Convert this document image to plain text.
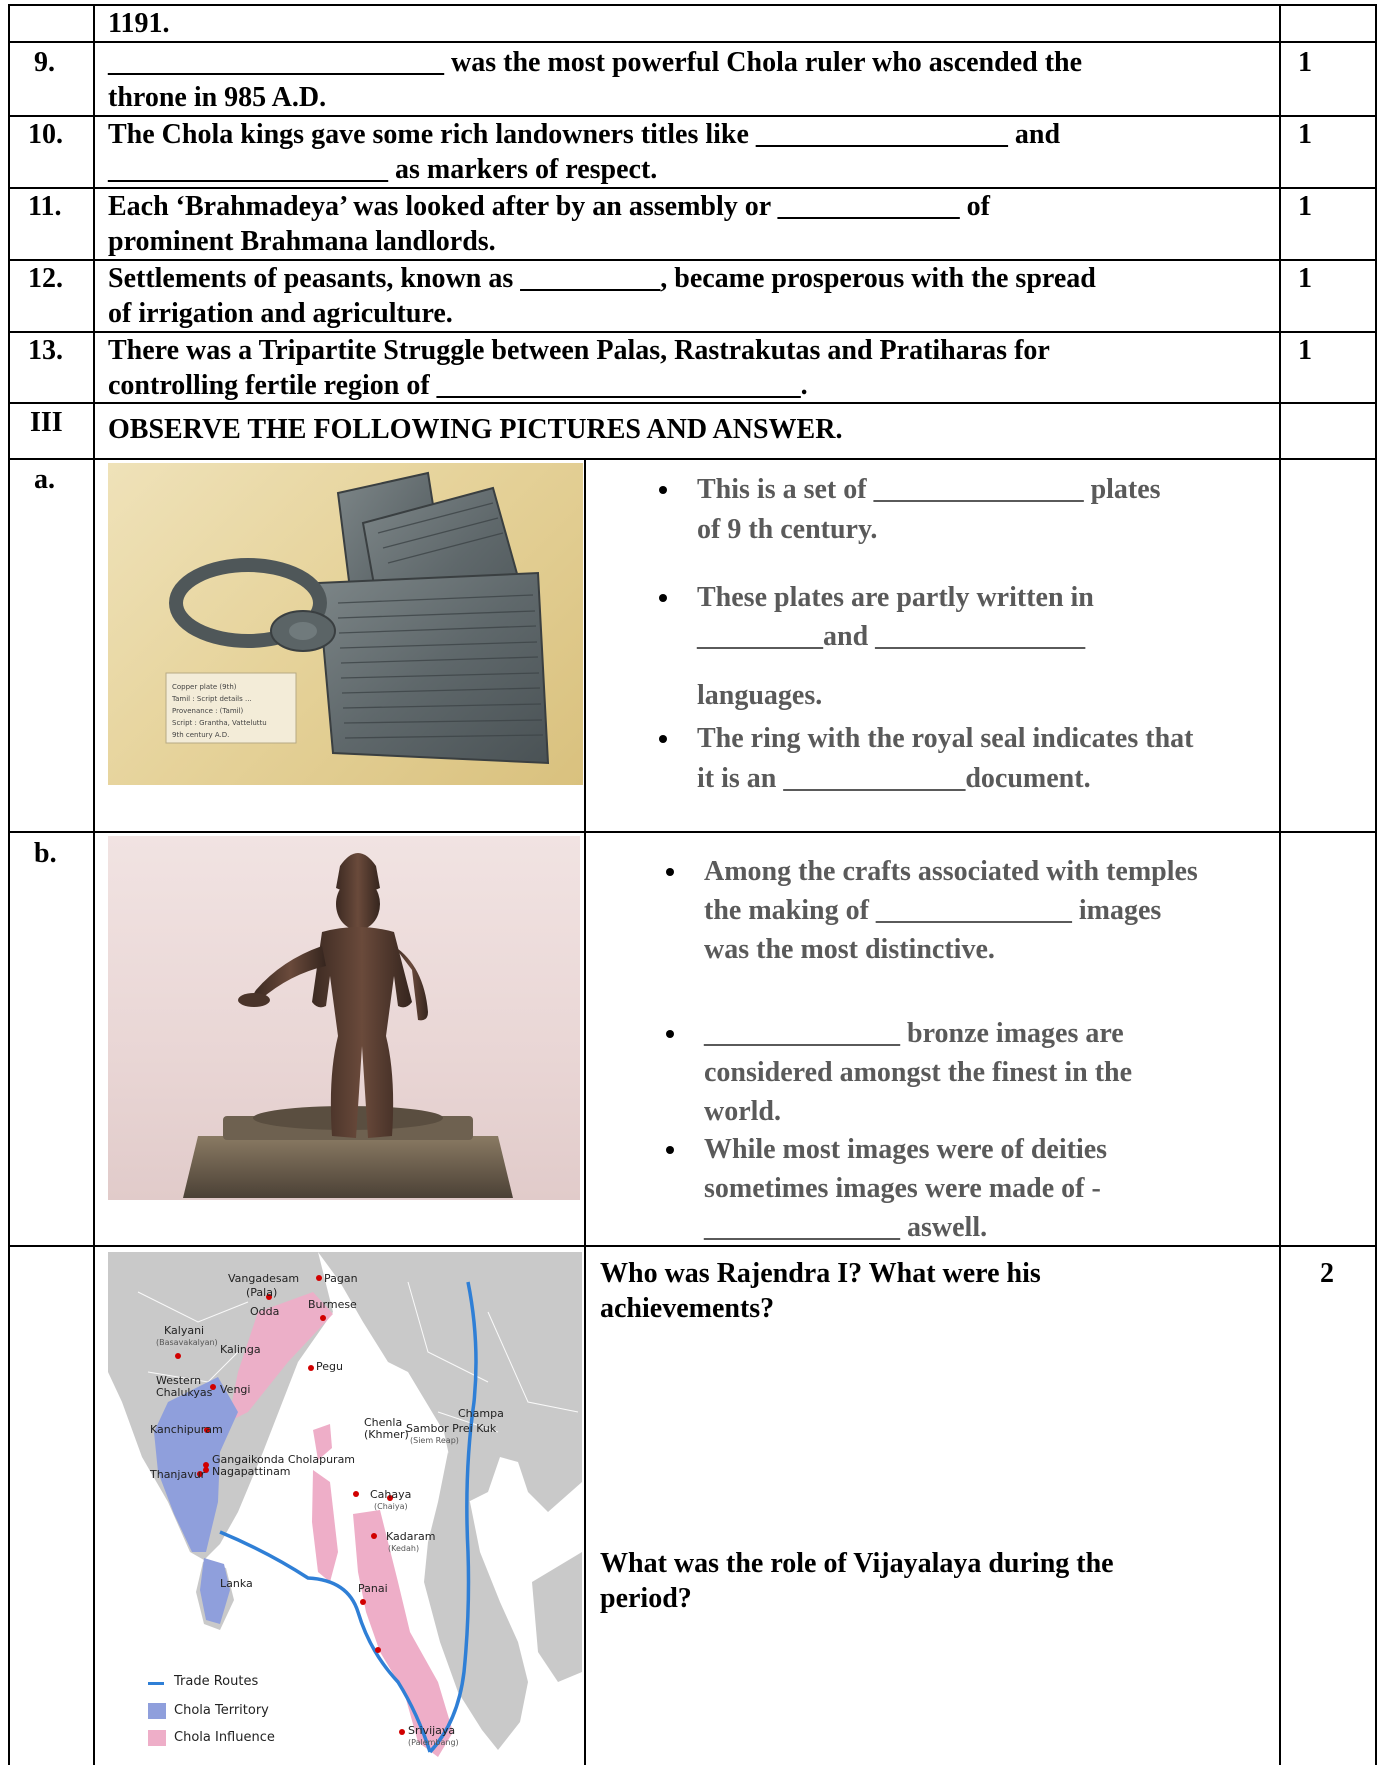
1191.
9. ________________________ was the most powerful Chola ruler who ascended the
throne in 985 A.D.
1
10. The Chola kings gave some rich landowners titles like __________________ and
____________________ as markers of respect.
1
11. Each ‘Brahmadeya’ was looked after by an assembly or _____________ of
prominent Brahmana landlords.
1
12. Settlements of peasants, known as __________, became prosperous with the spread
of irrigation and agriculture.
1
13. There was a Tripartite Struggle between Palas, Rastrakutas and Pratiharas for
controlling fertile region of __________________________.
1
III OBSERVE THE FOLLOWING PICTURES AND ANSWER.
a.
Copper plate (9th)
Tamil : Script details ...
Provenance : (Tamil)
Script : Grantha, Vatteluttu
9th century A.D.
This is a set of _______________ plates
of 9 th century.
These plates are partly written in
_________and _______________
languages.
The ring with the royal seal indicates that
it is an _____________document.
b.
Among the crafts associated with temples
the making of ______________ images
was the most distinctive.
______________ bronze images are
considered amongst the finest in the
world.
While most images were of deities
sometimes images were made of -
______________ aswell.
Vangadesam
(Pala)
Odda
Kalyani
(Basavakalyan)
Kalinga
Western
Chalukyas Vengi
Kanchipuram
Gangaikonda Cholapuram
Nagapattinam
Thanjavur
Lanka
Pagan
Burmese
Pegu
Champa
Chenla
(Khmer)
Sambor Prei Kuk
(Siem Reap)
Cahaya
(Chaiya)
Kadaram
(Kedah)
Panai
Srivijaya
(Palembang)
Trade Routes
Chola Territory
Chola Influence
Who was Rajendra I? What were his
achievements?
2
What was the role of Vijayalaya during the
period?
